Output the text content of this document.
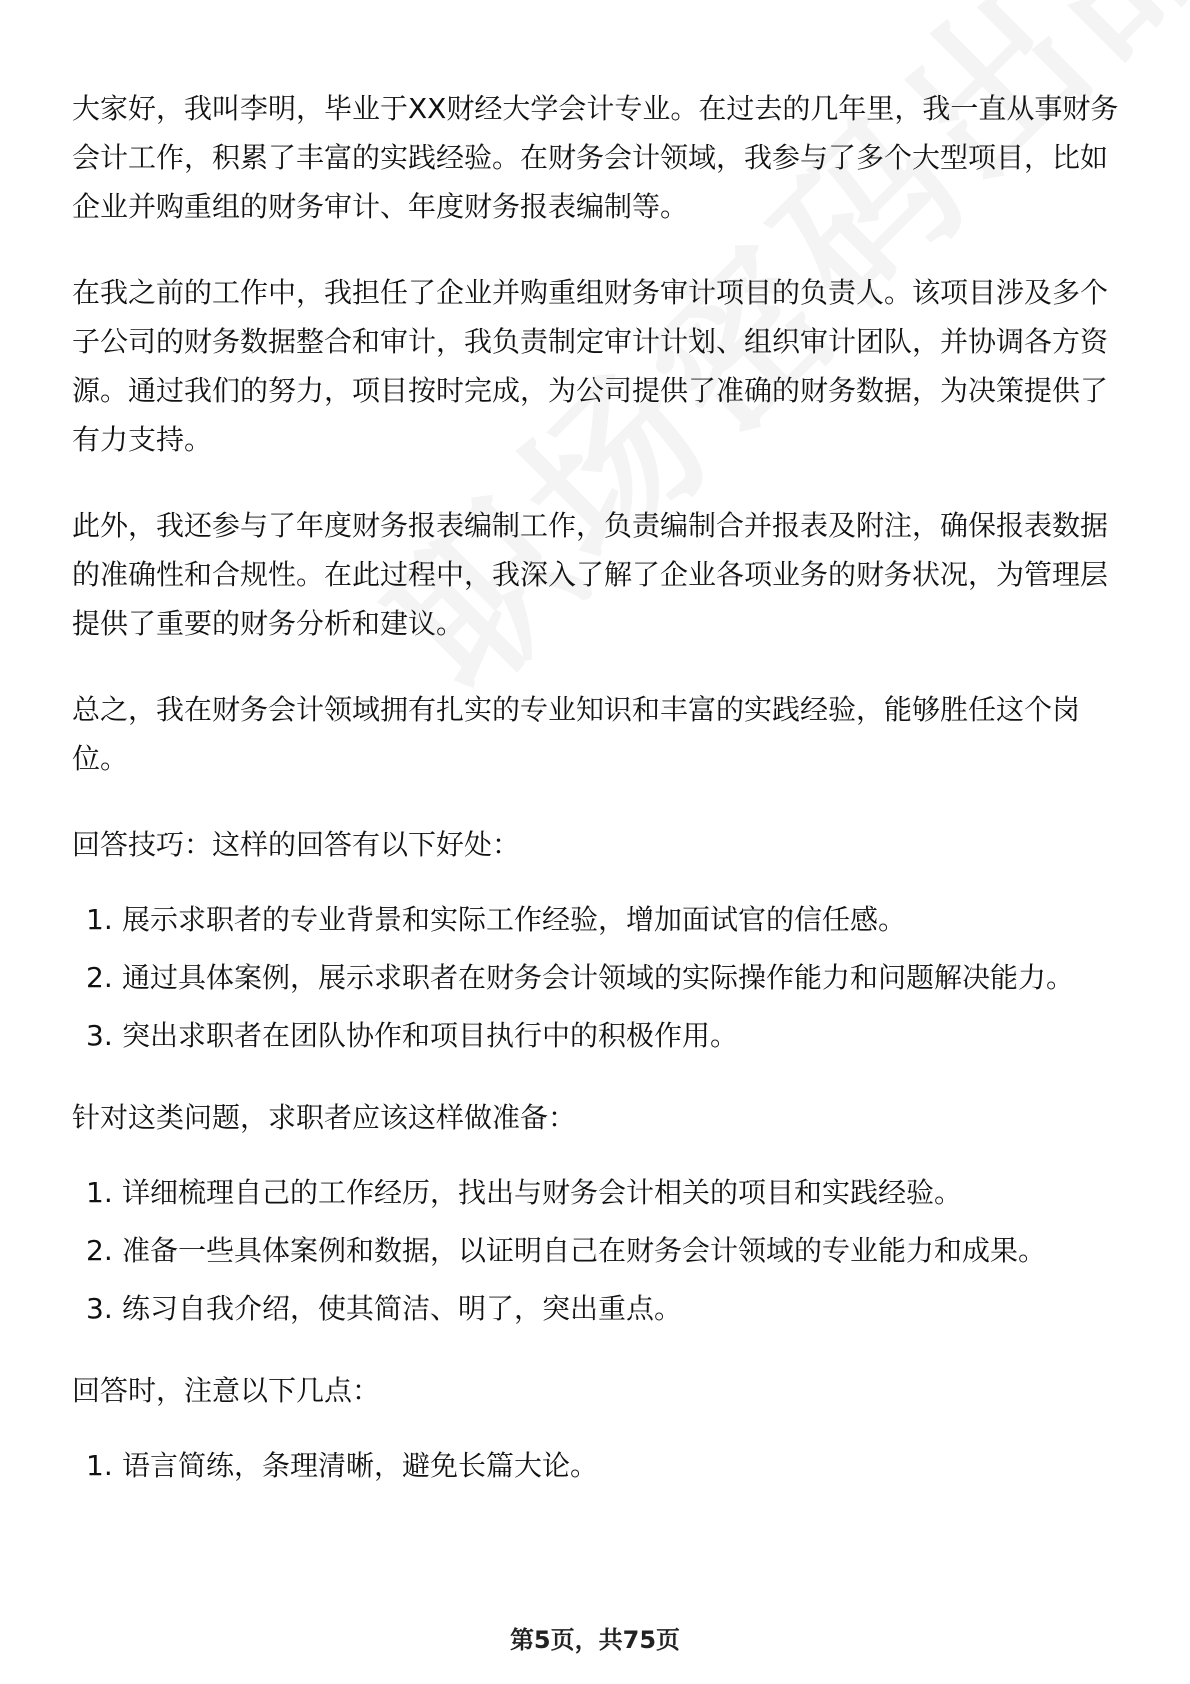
大家好，我叫李明，毕业于XX财经大学会计专业。在过去的几年里，我一直从事财务会计工作，积累了丰富的实践经验。在财务会计领域，我参与了多个大型项目，比如企业并购重组的财务审计、年度财务报表编制等。

在我之前的工作中，我担任了企业并购重组财务审计项目的负责人。该项目涉及多个子公司的财务数据整合和审计，我负责制定审计计划、组织审计团队，并协调各方资源。通过我们的努力，项目按时完成，为公司提供了准确的财务数据，为决策提供了有力支持。

此外，我还参与了年度财务报表编制工作，负责编制合并报表及附注，确保报表数据的准确性和合规性。在此过程中，我深入了解了企业各项业务的财务状况，为管理层提供了重要的财务分析和建议。

总之，我在财务会计领域拥有扎实的专业知识和丰富的实践经验，能够胜任这个岗位。

回答技巧：这样的回答有以下好处：

1. 展示求职者的专业背景和实际工作经验，增加面试官的信任感。
2. 通过具体案例，展示求职者在财务会计领域的实际操作能力和问题解决能力。
3. 突出求职者在团队协作和项目执行中的积极作用。

针对这类问题，求职者应该这样做准备：

1. 详细梳理自己的工作经历，找出与财务会计相关的项目和实践经验。
2. 准备一些具体案例和数据，以证明自己在财务会计领域的专业能力和成果。
3. 练习自我介绍，使其简洁、明了，突出重点。

回答时，注意以下几点：

1. 语言简练，条理清晰，避免长篇大论。
第5页，共75页
